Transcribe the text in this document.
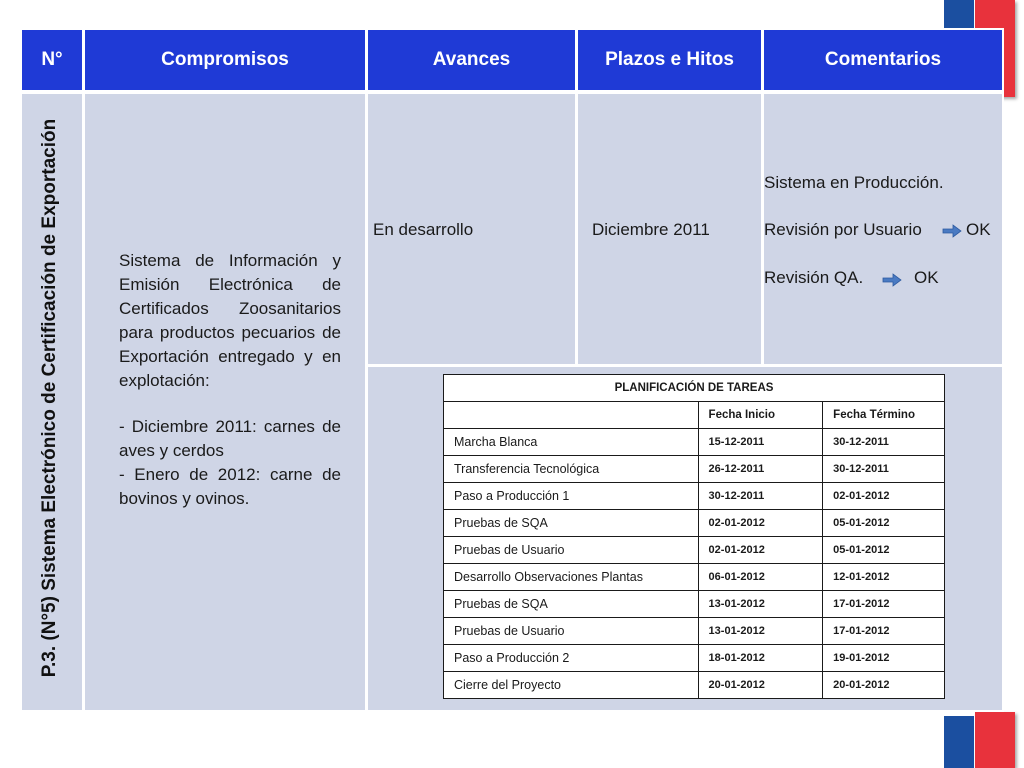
N°	Compromisos	Avances	Plazos e Hitos	Comentarios
P.3. (N°5) Sistema Electrónico de Certificación de Exportación	Sistema de Información y Emisión Electrónica de Certificados Zoosanitarios para productos pecuarios de Exportación entregado y en explotación:

- Diciembre 2011: carnes de aves y cerdos

- Enero de 2012: carne de bovinos y ovinos.

En desarrollo	Diciembre 2011
Sistema en Producción.
Revisión por Usuario	OK
Revisión QA.	OK
PLANIFICACIÓN DE TAREAS		
	Fecha Inicio	Fecha Término
Marcha Blanca	15-12-2011	30-12-2011
Transferencia Tecnológica	26-12-2011	30-12-2011
Paso a Producción 1	30-12-2011	02-01-2012
Pruebas de SQA	02-01-2012	05-01-2012
Pruebas de Usuario	02-01-2012	05-01-2012
Desarrollo Observaciones Plantas	06-01-2012	12-01-2012
Pruebas de SQA	13-01-2012	17-01-2012
Pruebas de Usuario	13-01-2012	17-01-2012
Paso a Producción 2	18-01-2012	19-01-2012
Cierre del Proyecto	20-01-2012	20-01-2012
